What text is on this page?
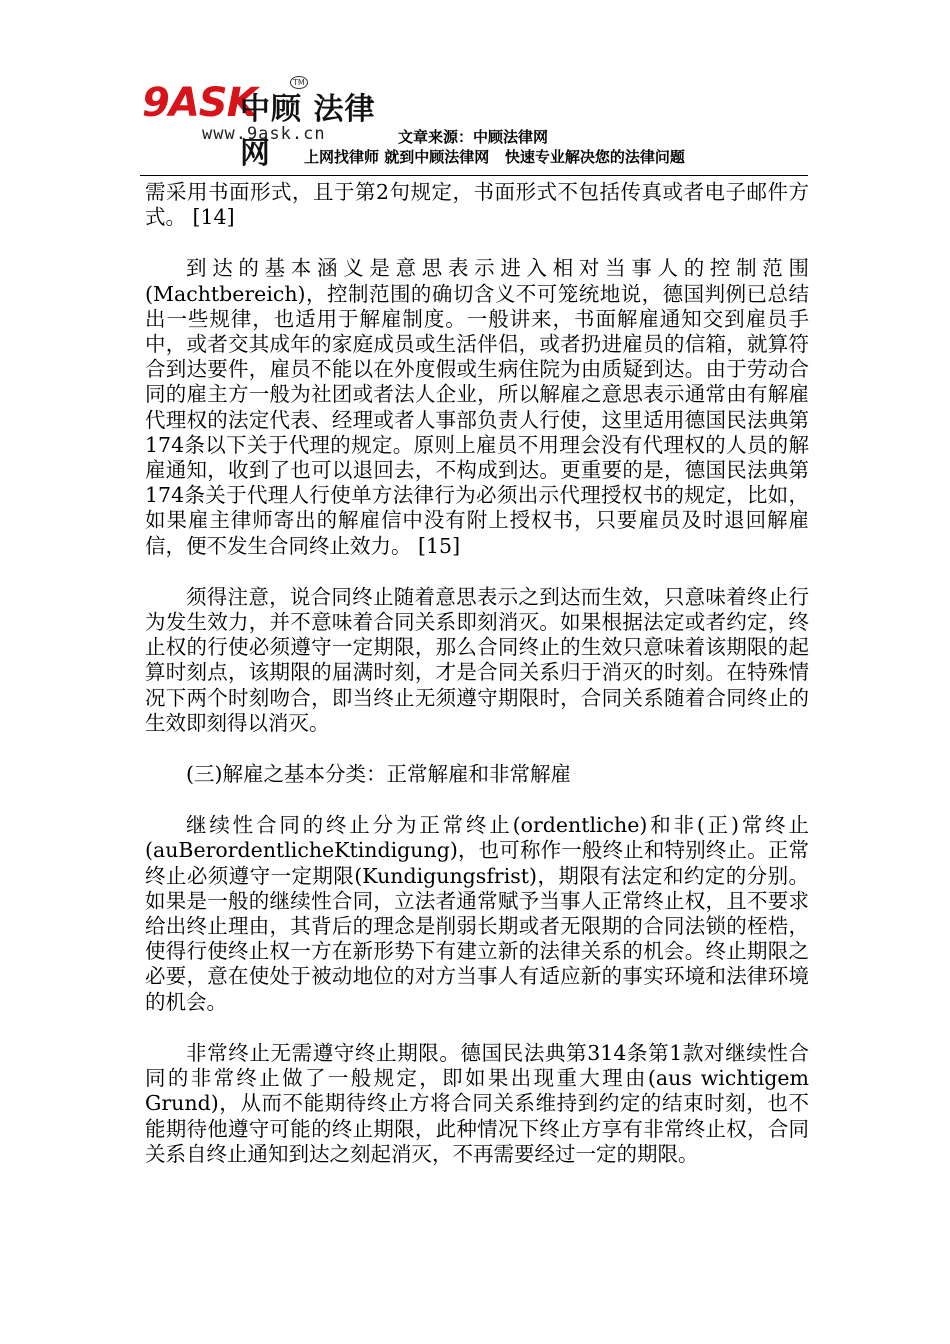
9ASK
中顾 法律网
TM
www.9ask.cn	文章来源：中顾法律网
上网找律师 就到中顾法律网   快速专业解决您的法律问题

需采用书面形式，且于第2句规定，书面形式不包括传真或者电子邮件方式。 [14]

到达的基本涵义是意思表示进入相对当事人的控制范围(Machtbereich)，控制范围的确切含义不可笼统地说，德国判例已总结出一些规律，也适用于解雇制度。一般讲来，书面解雇通知交到雇员手中，或者交其成年的家庭成员或生活伴侣，或者扔进雇员的信箱，就算符合到达要件，雇员不能以在外度假或生病住院为由质疑到达。由于劳动合同的雇主方一般为社团或者法人企业，所以解雇之意思表示通常由有解雇代理权的法定代表、经理或者人事部负责人行使，这里适用德国民法典第174条以下关于代理的规定。原则上雇员不用理会没有代理权的人员的解雇通知，收到了也可以退回去，不构成到达。更重要的是，德国民法典第174条关于代理人行使单方法律行为必须出示代理授权书的规定，比如，如果雇主律师寄出的解雇信中没有附上授权书，只要雇员及时退回解雇信，便不发生合同终止效力。 [15]

须得注意，说合同终止随着意思表示之到达而生效，只意味着终止行为发生效力，并不意味着合同关系即刻消灭。如果根据法定或者约定，终止权的行使必须遵守一定期限，那么合同终止的生效只意味着该期限的起算时刻点，该期限的届满时刻，才是合同关系归于消灭的时刻。在特殊情况下两个时刻吻合，即当终止无须遵守期限时，合同关系随着合同终止的生效即刻得以消灭。

(三)解雇之基本分类：正常解雇和非常解雇

继续性合同的终止分为正常终止(ordentliche)和非(正)常终止(auBerordentlicheKtindigung)，也可称作一般终止和特别终止。正常终止必须遵守一定期限(Kundigungsfrist)，期限有法定和约定的分别。如果是一般的继续性合同，立法者通常赋予当事人正常终止权，且不要求给出终止理由，其背后的理念是削弱长期或者无限期的合同法锁的桎梏，使得行使终止权一方在新形势下有建立新的法律关系的机会。终止期限之必要，意在使处于被动地位的对方当事人有适应新的事实环境和法律环境的机会。

非常终止无需遵守终止期限。德国民法典第314条第1款对继续性合同的非常终止做了一般规定，即如果出现重大理由(aus wichtigem Grund)，从而不能期待终止方将合同关系维持到约定的结束时刻，也不能期待他遵守可能的终止期限，此种情况下终止方享有非常终止权，合同关系自终止通知到达之刻起消灭，不再需要经过一定的期限。
